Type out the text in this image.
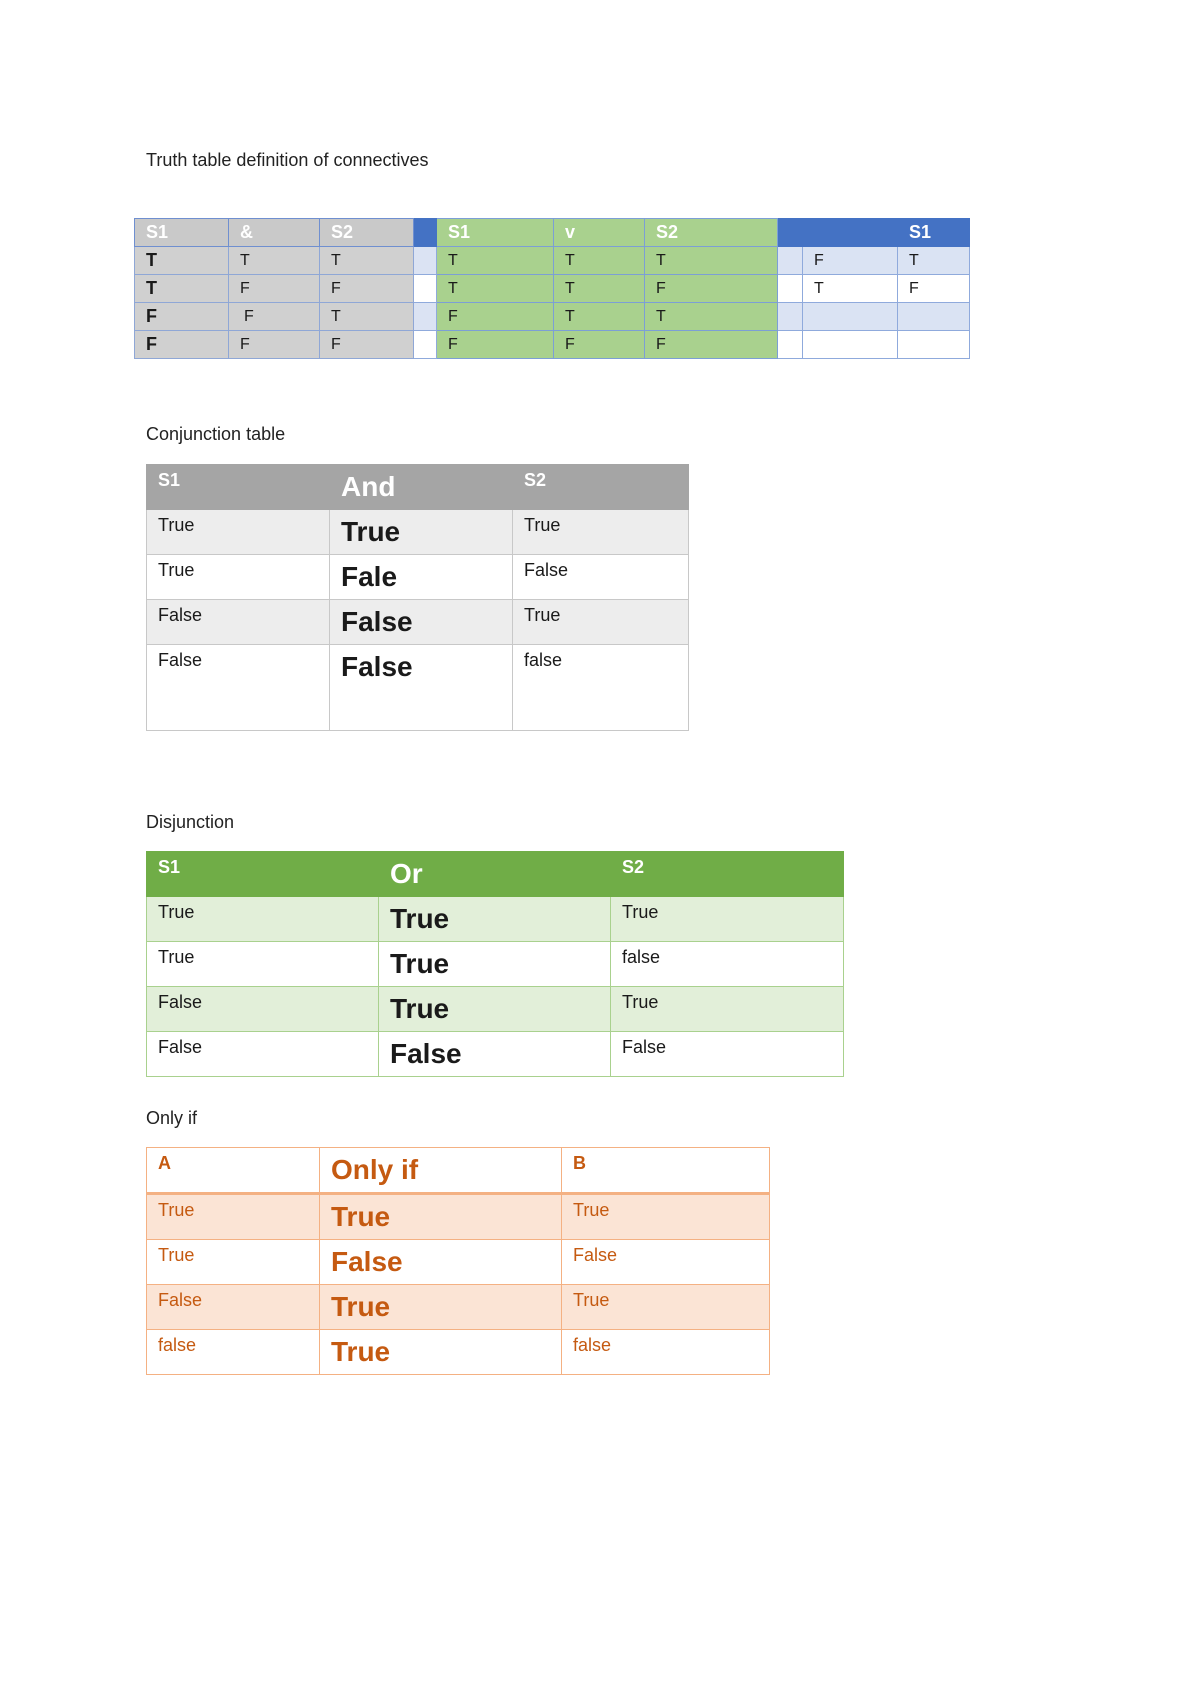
Truth table definition of connectives
S1	&	S2		S1	v	S2			S1
T	T	T		T	T	T		F	T
T	F	F		T	T	F		T	F
F	F	T		F	T	T			
F	F	F		F	F	F			
Conjunction table
S1	And	S2
True	True	True
True	Fale	False
False	False	True
False	False	false
Disjunction
S1	Or	S2
True	True	True
True	True	false
False	True	True
False	False	False
Only if
A	Only if	B
True	True	True
True	False	False
False	True	True
false	True	false
